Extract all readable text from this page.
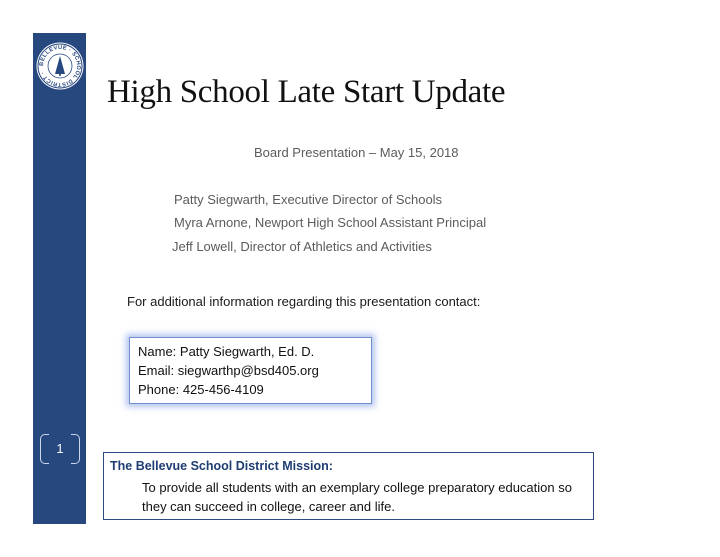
BELLEVUE · SCHOOL DISTRICT ·
1
High School Late Start Update
Board Presentation – May 15, 2018
Patty Siegwarth, Executive Director of Schools
Myra Arnone, Newport High School Assistant Principal
Jeff Lowell, Director of Athletics and Activities
For additional information regarding this presentation contact:
Name: Patty Siegwarth, Ed. D.
Email: siegwarthp@bsd405.org
Phone: 425-456-4109
The Bellevue School District Mission:
To provide all students with an exemplary college preparatory education so they can succeed in college, career and life.
